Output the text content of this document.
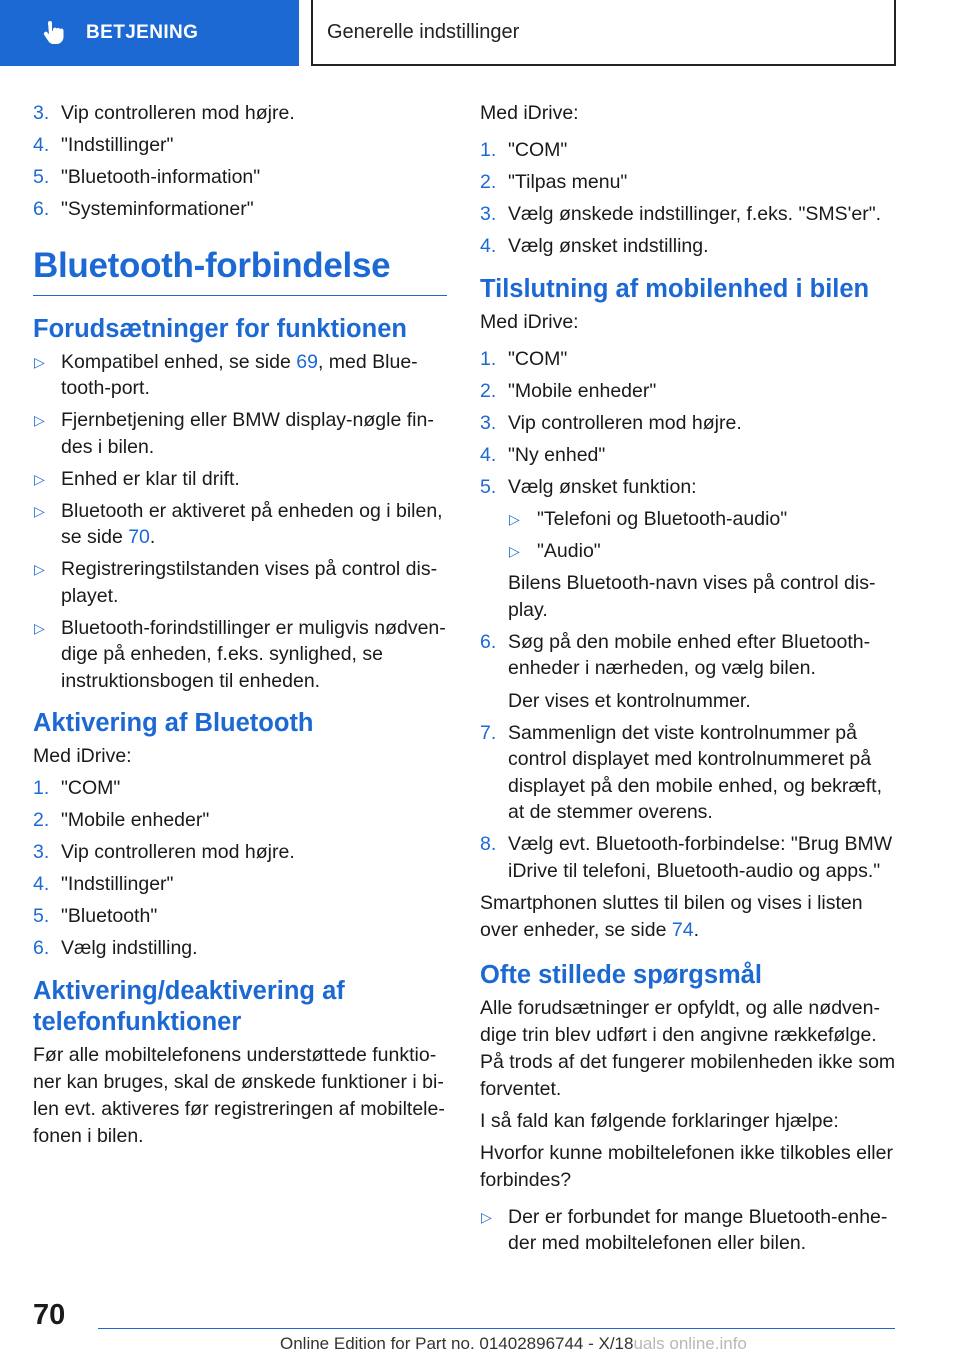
BETJENING	Generelle indstillinger
3. Vip controlleren mod højre.
4. "Indstillinger"
5. "Bluetooth-information"
6. "Systeminformationer"
Bluetooth-forbindelse
Forudsætninger for funktionen
▷ Kompatibel enhed, se side 69, med Bluetooth-port.
▷ Fjernbetjening eller BMW display-nøgle findes i bilen.
▷ Enhed er klar til drift.
▷ Bluetooth er aktiveret på enheden og i bilen, se side 70.
▷ Registreringstilstanden vises på control displayet.
▷ Bluetooth-forindstillinger er muligvis nødvendige på enheden, f.eks. synlighed, se instruktionsbogen til enheden.
Aktivering af Bluetooth

Med iDrive:

1. "COM"
2. "Mobile enheder"
3. Vip controlleren mod højre.
4. "Indstillinger"
5. "Bluetooth"
6. Vælg indstilling.
Aktivering/deaktivering af telefonfunktioner

Før alle mobiltelefonens understøttede funktioner kan bruges, skal de ønskede funktioner i bilen evt. aktiveres før registreringen af mobiltelefonen i bilen.

Med iDrive:

1. "COM"
2. "Tilpas menu"
3. Vælg ønskede indstillinger, f.eks. "SMS'er".
4. Vælg ønsket indstilling.
Tilslutning af mobilenhed i bilen

Med iDrive:

1. "COM"
2. "Mobile enheder"
3. Vip controlleren mod højre.
4. "Ny enhed"
5. Vælg ønsket funktion:
▷ "Telefoni og Bluetooth-audio"
▷ "Audio"
Bilens Bluetooth-navn vises på control display.
6. Søg på den mobile enhed efter Bluetooth-enheder i nærheden, og vælg bilen.
Der vises et kontrolnummer.
7. Sammenlign det viste kontrolnummer på control displayet med kontrolnummeret på displayet på den mobile enhed, og bekræft, at de stemmer overens.
8. Vælg evt. Bluetooth-forbindelse: "Brug BMW iDrive til telefoni, Bluetooth-audio og apps."

Smartphonen sluttes til bilen og vises i listen over enheder, se side 74.

Ofte stillede spørgsmål

Alle forudsætninger er opfyldt, og alle nødvendige trin blev udført i den angivne rækkefølge. På trods af det fungerer mobilenheden ikke som forventet.

I så fald kan følgende forklaringer hjælpe:

Hvorfor kunne mobiltelefonen ikke tilkobles eller forbindes?

▷ Der er forbundet for mange Bluetooth-enheder med mobiltelefonen eller bilen.
70
Online Edition for Part no. 01402896744 - X/18uals online.info
